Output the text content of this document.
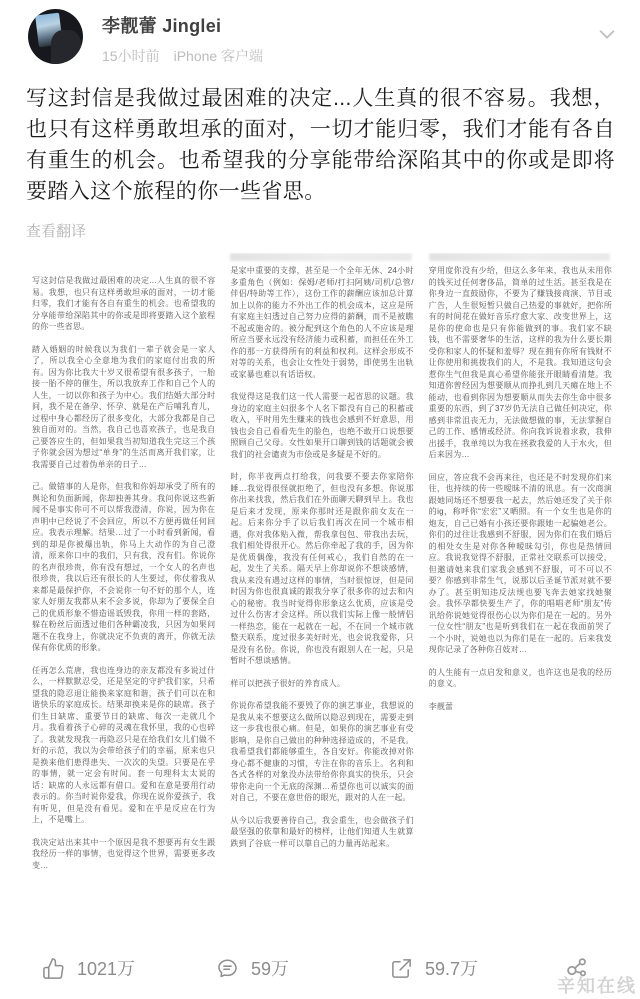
李靓蕾 Jinglei
15小时前 iPhone 客户端
写这封信是我做过最困难的决定...人生真的很不容易。我想，也只有这样勇敢坦承的面对，一切才能归零，我们才能有各自有重生的机会。也希望我的分享能带给深陷其中的你或是即将要踏入这个旅程的你一些省思。
查看翻译

写这封信是我做过最困难的决定...人生真的很不容易。我想，也只有这样勇敢坦承的面对，一切才能归零，我们才能有各自有重生的机会。也希望我的分享能带给深陷其中的你或是即将要踏入这个旅程的你一些省思。

踏入婚姻的时候我以为我们一辈子就会是一家人了，所以我全心全意地为我们的家庭付出我的所有。因为你比我大十岁又很希望有很多孩子，一胎接一胎不停的催生，所以我放弃工作和自己个人的人生，一切以你和孩子为中心。我们结婚大部分时间，我不是在备孕、怀孕、就是在产后哺乳育儿，过程中身心都经历了很多变化，大部分我都是自己独自面对的。当然，我自己也喜欢孩子，也是我自己要答应生的，但如果我当初知道我生完这三个孩子你就会因为想过“单身”的生活而离开我们家，让我需要自己过着伪单亲的日子…

己。做错事的人是你，但我和你妈却承受了所有的舆论和负面新闻，你却独善其身。我问你说这些新闻不是事实你可不可以帮我澄清，你说，因为你在声明中已经说了不会回应，所以不方便再做任何回应。我表示理解。结果…过了一小时看到新闻，看到的却是你被爆出轨，你马上大动作的为自己澄清，原来你口中的我们，只有我，没有们。你说你的名声很珍贵，你有没有想过，一个女人的名声也很珍贵，我以后还有很长的人生要过，你仗着我从来都是最保护你，不会说你一句不好的那个人，连家人好朋友我都从来不会多说，你却为了要保全自己的优质形象不惜造谣诋毁我，你用一样的套路，躲在粉丝后面透过他们各种霸凌我，只因为如果问题不在我身上，你就决定不负责的离开，你就无法保有你优质的形象。

任再怎么荒唐，我也连身边的亲友都没有多说过什么，一样默默忍受，还是坚定的守护我们家，只希望我的隐忍退让能换来家庭和谐，孩子们可以在和谐快乐的家庭成长。结果却换来是你的缺席。孩子们生日缺席、重要节日的缺席、每次一走就几个月。我看着孩子心碎的灵魂在我怀里，我的心也碎了。我就发现我一再隐忍只是在给我们女儿们做不好的示范，我以为会带给孩子们的幸福，原来也只是换来他们患得患失、一次次的失望。只要是在乎的事情，就一定会有时间。套一句理科太太说的话：缺席的人永远都有借口。爱和在意是要用行动表示的。你当时说你爱我，你现在说你爱孩子，我有听见，但是没有看见。爱和在乎是反应在行为上，不是嘴上。

我决定站出来其中一个原因是我不想要再有女生跟我经历一样的事情，也觉得这个世界，需要更多改变…

是家中重要的支撑，甚至是一个全年无休、24小时多重角色（例如：保姆/老师/打扫阿姨/司机/总管/伴侣/特助等工作），这份工作的薪酬应该加总计算加上以你的能力不外出工作的机会成本，这应是所有家庭主妇透过自己努力应得的薪酬，而不是被瞧不起或施舍的。被分配到这个角色的人不应该是理所应当要永远没有经济能力或积蓄，而担任在外工作的那一方获得所有的利益和权利。这样会形成不对等的关系，也会让女性处于弱势，即使男生出轨或家暴也难以有话语权。

我觉得这是我们这一代人需要一起省思的议题。我身边的家庭主妇很多个人名下都没有自己的积蓄或收入，平时用先生赚来的钱也会感到不好意思，用钱也会自己看看先生的脸色，也绝不敢开口说想要照顾自己父母。女性如果开口聊到钱的话题就会被我们的社会谴责为市侩或是多疑是不好的。

时，你半夜两点打给我，问我要不要去你家陪你睡…我觉得很怪就拒绝了，但也没有多想。你说那你出来找我，然后我们在外面聊天聊到早上。我也是后来才发现，原来你那时还是跟你前女友在一起。后来你分手了以后我们再次在同一个城市相遇，你对我体贴入微，帮我拿包包、带我出去玩，我们相处得很开心。然后你牵起了我的手，因为你是优质偶像，我没有任何戒心，我们自然的在一起，发生了关系。隔天早上你却说你不想谈感情，我从来没有遇过这样的事情，当时很惊讶，但是同时因为你也很真诚的跟我分享了很多你的过去和内心的秘密。我当时觉得你形象这么优质，应该是受过什么伤害才会这样。所以我们实际上像一般情侣一样热恋，能在一起就在一起，不在同一个城市就整天联系，度过很多美好时光，也会说我爱你，只是没有名份。你说，你也没有跟别人在一起，只是暂时不想谈感情。

样可以把孩子很好的养育成人。

你说你希望我能不要毁了你的演艺事业，我想说的是我从来不想要这么做所以隐忍到现在，需要走到这一步我也很心痛。但是，如果你的演艺事业有受影响，是你自己做出的种种选择造成的，不是我。我希望我们都能够重生，各自安好。你能改掉对你身心都不健康的习惯，专注在你的音乐上。名利和各式各样的对象没办法带给你你真实的快乐，只会带你走向一个无底的深渊…希望你也可以诚实的面对自己，不要在意世俗的眼光，跟对的人在一起。

从今以后我要善待自己，我会重生，也会做孩子们最坚强的依靠和最好的榜样，让他们知道人生就算跌到了谷底一样可以靠自己的力量再站起来。

穿用度你没有少给，但这么多年来，我也从未用你的钱买过任何奢侈品，简单的过生活。甚至我是在你身边一直鼓励你，不要为了赚钱接商演、节目或广告，人生很短暂只做自己热爱的事就好，把你所有的时间花在做好音乐疗愈大家、改变世界上，这是你的使命也是只有你能做到的事。我们家不缺钱，也不需要奢华的生活，这样的我为什么要长期受你和家人的怀疑和羞辱？现在拥有你所有钱财不让你使用和挑拨我们的人，不是我。我知道这句会惹你生气但我是真心希望你能张开眼睛看清楚。我知道你曾经因为想要顺从而挣扎到几天瘫在地上不能动，也看到你因为想要顺从而失去你生命中很多重要的东西，到了37岁仍无法自己做任何决定，你感到非常沮丧无力，无法做想做的事，无法掌握自己的工作、感情或经济。你向我诉说着求救，我伸出援手，我单纯以为我在拯救我爱的人于水火，但后来因为…

回应，答应我不会再来往，也还是不时发现你们来往，也持续的传一些暧昧不清的讯息。有一次商演跟她同场还不想要我一起去，然后她还发了关于你的ig，称呼你“宏宏”又晒照。有一个女生也是你的炮友，自己已婚有小孩还要你跟她一起骗她老公。你们的过往让我感到不舒服，因为你们在我们婚后的相处女生是对你各种暧昧勾引，你也是热情回应。我说我觉得不舒服，正常社交联系可以接受，但邀请她来我们家我会感到不舒服，可不可以不要？你感到非常生气，说那以后圣诞节派对就不要办了。甚至明知违反法规也要飞奔去她家找她聚会。我怀孕都快要生产了，你的唱唱老师“朋友”传讯给你说她觉得很伤心以为你们是在一起的。另外一位女性“朋友”也是听到我们在一起在我面前哭了一个小时，说她也以为你们是在一起的。后来我发现你记录了各种你召妓对…

的人生能有一点启发和意义，也许这也是我的经历的意义。

李靓蕾

1021万	59万	59.7万
辛知在线
